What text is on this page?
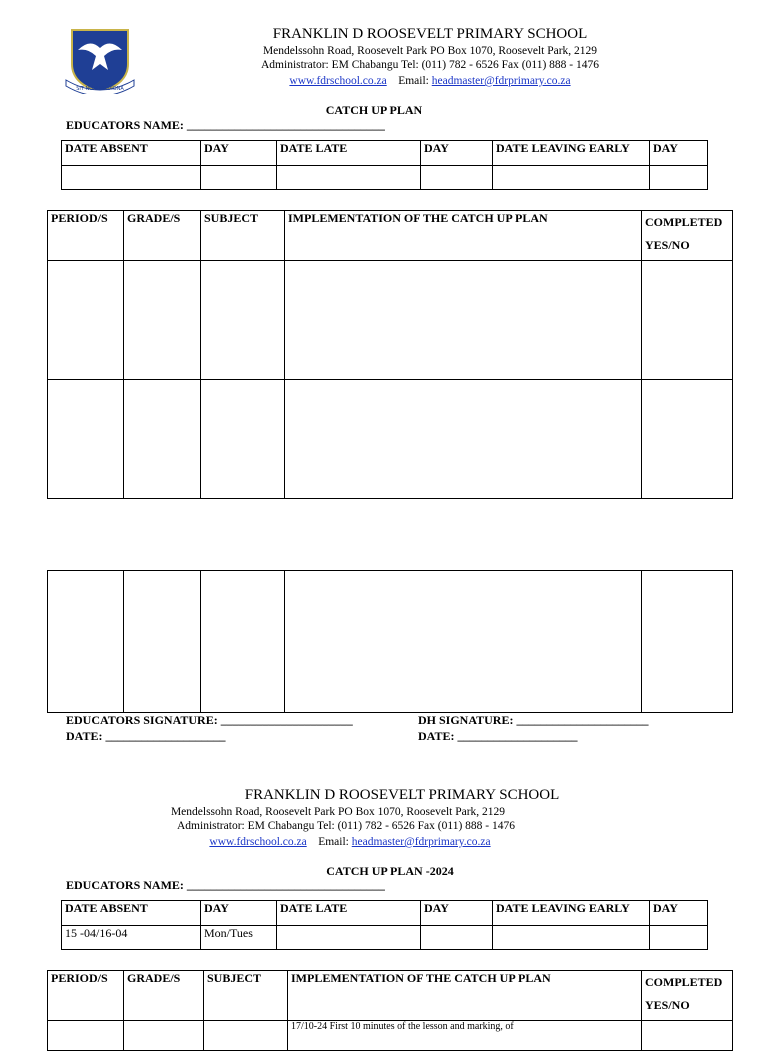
SIT NOMINE DIGNA
FRANKLIN D ROOSEVELT PRIMARY SCHOOL
Mendelssohn Road, Roosevelt Park PO Box 1070, Roosevelt Park, 2129
Administrator: EM Chabangu Tel: (011) 782 - 6526 Fax (011) 888 - 1476
www.fdrschool.co.za Email: headmaster@fdrprimary.co.za
CATCH UP PLAN
EDUCATORS NAME: _________________________________
DATE ABSENT	DAY	DATE LATE	DAY	DATE LEAVING EARLY	DAY

PERIOD/S	GRADE/S	SUBJECT	IMPLEMENTATION OF THE CATCH UP PLAN	COMPLETED
YES/NO

EDUCATORS SIGNATURE: ______________________
DATE: ____________________
DH SIGNATURE: ______________________
DATE: ____________________
FRANKLIN D ROOSEVELT PRIMARY SCHOOL
Mendelssohn Road, Roosevelt Park PO Box 1070, Roosevelt Park, 2129
Administrator: EM Chabangu Tel: (011) 782 - 6526 Fax (011) 888 - 1476
www.fdrschool.co.za Email: headmaster@fdrprimary.co.za
CATCH UP PLAN -2024
EDUCATORS NAME: _________________________________
DATE ABSENT	DAY	DATE LATE	DAY	DATE LEAVING EARLY	DAY
15 -04/16-04	Mon/Tues				
PERIOD/S	GRADE/S	SUBJECT	IMPLEMENTATION OF THE CATCH UP PLAN	COMPLETED
YES/NO
			17/10-24 First 10 minutes of the lesson and marking, of	
